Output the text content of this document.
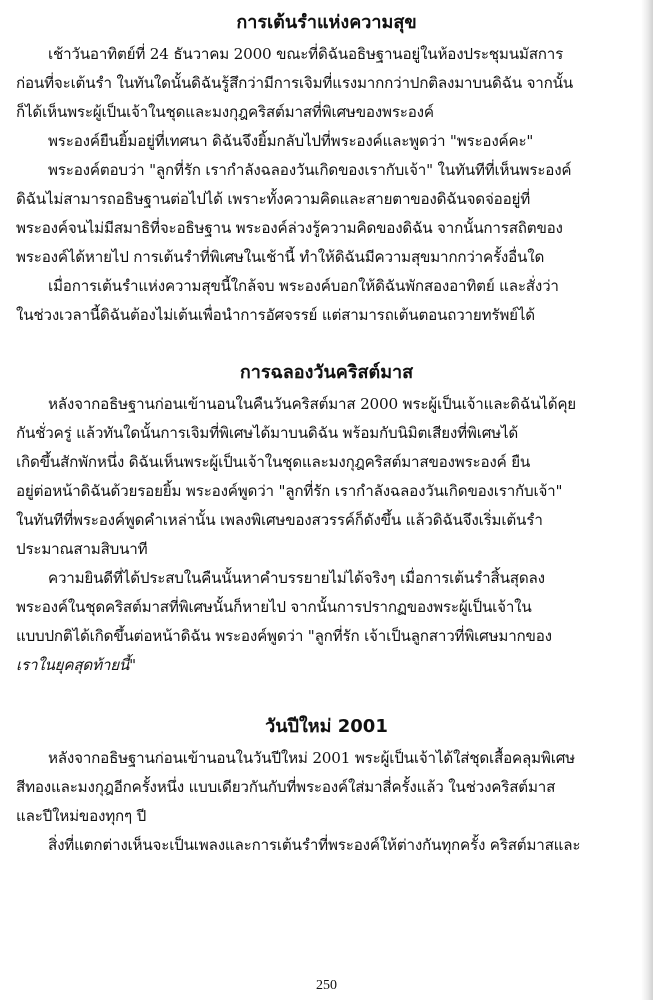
การเต้นรำแห่งความสุข

เช้าวันอาทิตย์ที่ 24 ธันวาคม 2000 ขณะที่ดิฉันอธิษฐานอยู่ในห้องประชุมนมัสการ
ก่อนที่จะเต้นรำ ในทันใดนั้นดิฉันรู้สึกว่ามีการเจิมที่แรงมากกว่าปกติลงมาบนดิฉัน จากนั้น
ก็ได้เห็นพระผู้เป็นเจ้าในชุดและมงกุฎคริสต์มาสที่พิเศษของพระองค์

พระองค์ยืนยิ้มอยู่ที่เทศนา ดิฉันจึงยิ้มกลับไปที่พระองค์และพูดว่า "พระองค์คะ"

พระองค์ตอบว่า "ลูกที่รัก เรากำลังฉลองวันเกิดของเรากับเจ้า" ในทันทีที่เห็นพระองค์
ดิฉันไม่สามารถอธิษฐานต่อไปได้ เพราะทั้งความคิดและสายตาของดิฉันจดจ่ออยู่ที่
พระองค์จนไม่มีสมาธิที่จะอธิษฐาน พระองค์ล่วงรู้ความคิดของดิฉัน จากนั้นการสถิตของ
พระองค์ได้หายไป การเต้นรำที่พิเศษในเช้านี้ ทำให้ดิฉันมีความสุขมากกว่าครั้งอื่นใด

เมื่อการเต้นรำแห่งความสุขนี้ใกล้จบ พระองค์บอกให้ดิฉันพักสองอาทิตย์ และสั่งว่า
ในช่วงเวลานี้ดิฉันต้องไม่เต้นเพื่อนำการอัศจรรย์ แต่สามารถเต้นตอนถวายทรัพย์ได้

การฉลองวันคริสต์มาส

หลังจากอธิษฐานก่อนเข้านอนในคืนวันคริสต์มาส 2000 พระผู้เป็นเจ้าและดิฉันได้คุย
กันชั่วครู่ แล้วทันใดนั้นการเจิมที่พิเศษได้มาบนดิฉัน พร้อมกับนิมิตเสียงที่พิเศษได้
เกิดขึ้นสักพักหนึ่ง ดิฉันเห็นพระผู้เป็นเจ้าในชุดและมงกุฎคริสต์มาสของพระองค์ ยืน
อยู่ต่อหน้าดิฉันด้วยรอยยิ้ม พระองค์พูดว่า "ลูกที่รัก เรากำลังฉลองวันเกิดของเรากับเจ้า"
ในทันทีที่พระองค์พูดคำเหล่านั้น เพลงพิเศษของสวรรค์ก็ดังขึ้น แล้วดิฉันจึงเริ่มเต้นรำ
ประมาณสามสิบนาที

ความยินดีที่ได้ประสบในคืนนั้นหาคำบรรยายไม่ได้จริงๆ เมื่อการเต้นรำสิ้นสุดลง
พระองค์ในชุดคริสต์มาสที่พิเศษนั้นก็หายไป จากนั้นการปรากฏของพระผู้เป็นเจ้าใน
แบบปกติได้เกิดขึ้นต่อหน้าดิฉัน พระองค์พูดว่า "ลูกที่รัก เจ้าเป็นลูกสาวที่พิเศษมากของ
เราในยุคสุดท้ายนี้"

วันปีใหม่ 2001

หลังจากอธิษฐานก่อนเข้านอนในวันปีใหม่ 2001 พระผู้เป็นเจ้าได้ใส่ชุดเสื้อคลุมพิเศษ
สีทองและมงกุฎอีกครั้งหนึ่ง แบบเดียวกันกับที่พระองค์ใส่มาสี่ครั้งแล้ว ในช่วงคริสต์มาส
และปีใหม่ของทุกๆ ปี

สิ่งที่แตกต่างเห็นจะเป็นเพลงและการเต้นรำที่พระองค์ให้ต่างกันทุกครั้ง คริสต์มาสและ

250
